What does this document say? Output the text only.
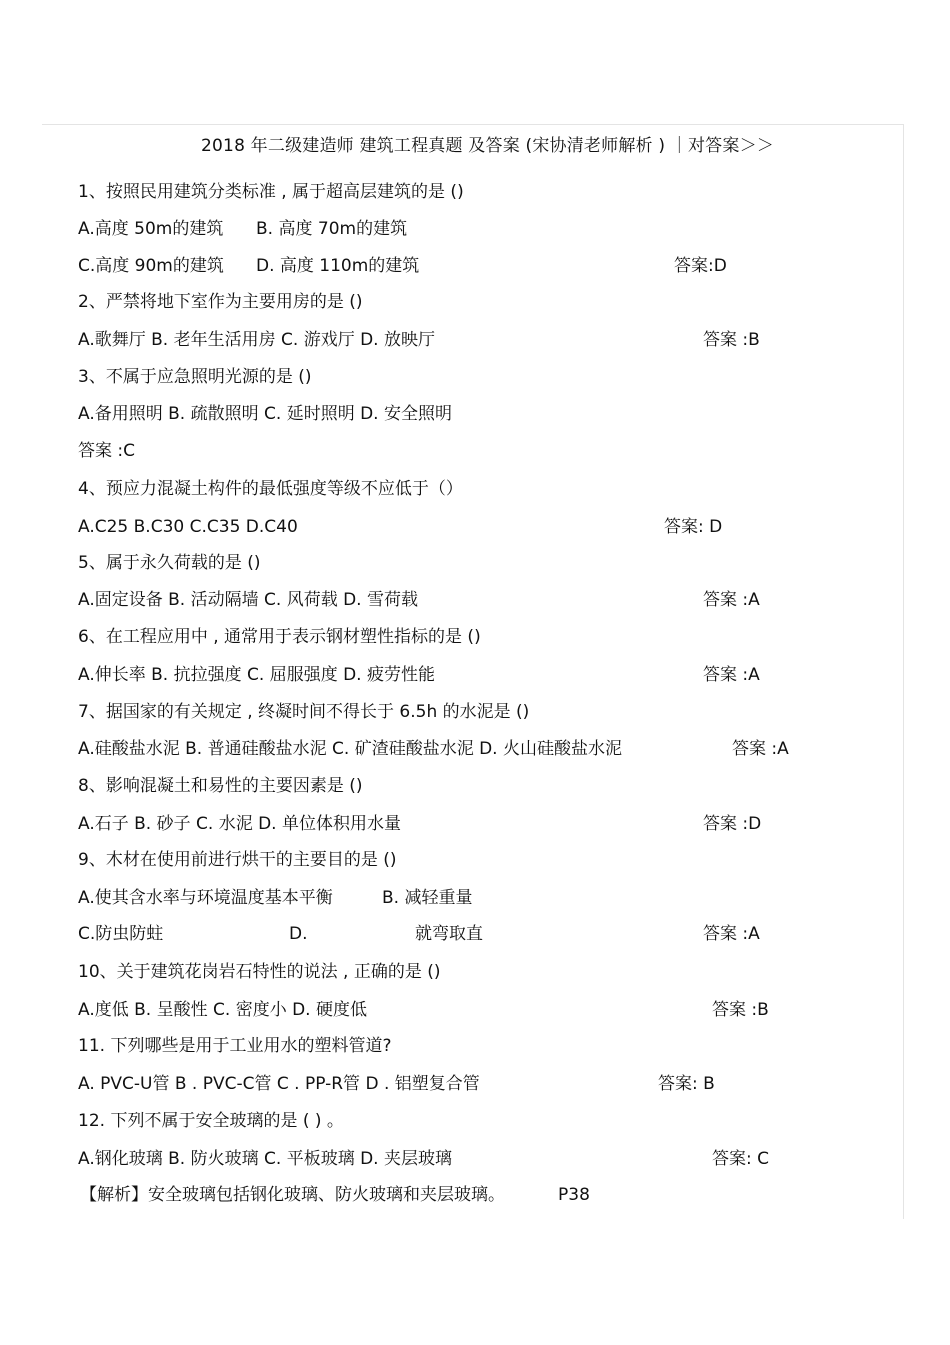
2018 年二级建造师 建筑工程真题 及答案 (宋协清老师解析 ) ｜对答案＞＞
1、按照民用建筑分类标准 , 属于超高层建筑的是 ()
A.高度 50m的建筑 B. 高度 70m的建筑
C.高度 90m的建筑 D. 高度 110m的建筑	答案:D
2、严禁将地下室作为主要用房的是 ()
A.歌舞厅 B. 老年生活用房 C. 游戏厅 D. 放映厅	答案 :B
3、不属于应急照明光源的是 ()
A.备用照明 B. 疏散照明 C. 延时照明 D. 安全照明
答案 :C
4、预应力混凝土构件的最低强度等级不应低于（）
A.C25 B.C30 C.C35 D.C40	答案: D
5、属于永久荷载的是 ()
A.固定设备 B. 活动隔墙 C. 风荷载 D. 雪荷载	答案 :A
6、在工程应用中 , 通常用于表示钢材塑性指标的是 ()
A.伸长率 B. 抗拉强度 C. 屈服强度 D. 疲劳性能	答案 :A
7、据国家的有关规定 , 终凝时间不得长于 6.5h 的水泥是 ()
A.硅酸盐水泥 B. 普通硅酸盐水泥 C. 矿渣硅酸盐水泥 D. 火山硅酸盐水泥	答案 :A
8、影响混凝土和易性的主要因素是 ()
A.石子 B. 砂子 C. 水泥 D. 单位体积用水量	答案 :D
9、木材在使用前进行烘干的主要目的是 ()
A.使其含水率与环境温度基本平衡	B. 减轻重量
C.防虫防蛀	D.	就弯取直	答案 :A
10、关于建筑花岗岩石特性的说法 , 正确的是 ()
A.度低 B. 呈酸性 C. 密度小 D. 硬度低	答案 :B
11. 下列哪些是用于工业用水的塑料管道?
A. PVC-U管 B . PVC-C管 C . PP-R管 D . 铝塑复合管	答案: B
12. 下列不属于安全玻璃的是 ( ) 。
A.钢化玻璃 B. 防火玻璃 C. 平板玻璃 D. 夹层玻璃	答案: C
【解析】安全玻璃包括钢化玻璃、防火玻璃和夹层玻璃。	P38
